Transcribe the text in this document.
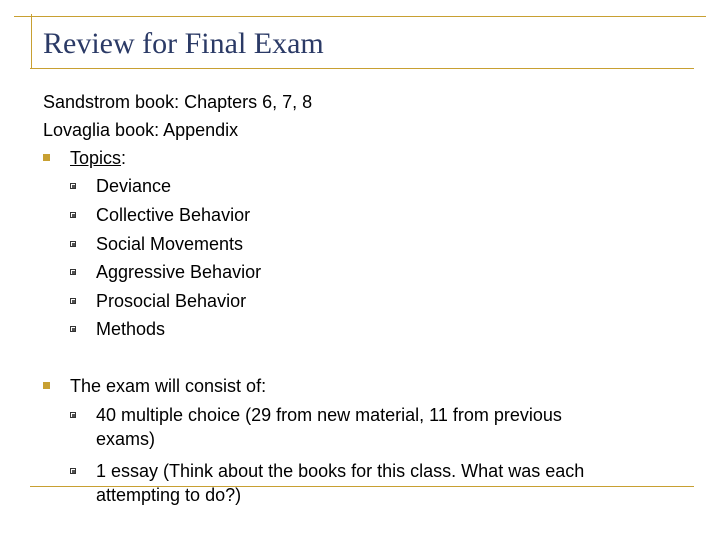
Review for Final Exam
Sandstrom book: Chapters 6, 7, 8
Lovaglia book: Appendix
Topics:
Deviance
Collective Behavior
Social Movements
Aggressive Behavior
Prosocial Behavior
Methods
The exam will consist of:
40 multiple choice (29 from new material, 11 from previous
exams)
1 essay (Think about the books for this class. What was each
attempting to do?)
